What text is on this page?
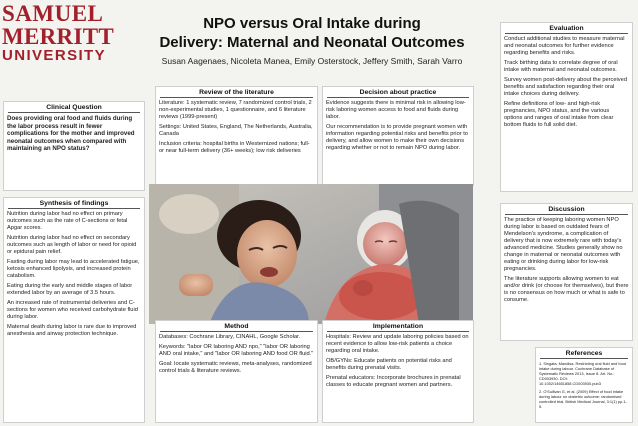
SAMUEL
MERRITT
UNIVERSITY
NPO versus Oral Intake during
Delivery: Maternal and Neonatal Outcomes
Susan Aagenaes, Nicoleta Manea, Emily Osterstock, Jeffery Smith, Sarah Varro
Clinical Question

Does providing oral food and fluids during the labor process result in fewer complications for the mother and improved neonatal outcomes when compared with maintaining an NPO status?

Synthesis of findings

Nutrition during labor had no effect on primary outcomes such as the rate of C-sections or fetal Apgar scores.

Nutrition during labor had no effect on secondary outcomes such as length of labor or need for opioid or epidural pain relief.

Fasting during labor may lead to accelerated fatigue, ketosis enhanced lipolysis, and increased protein catabolism.

Eating during the early and middle stages of labor extended labor by an average of 3.5 hours.

An increased rate of instrumental deliveries and C-sections for women who received carbohydrate fluid during labor.

Maternal death during labor is rare due to improved anesthesia and airway protection technique.

Review of the literature

Literature: 1 systematic review, 7 randomized control trials, 2 non-experimental studies, 1 questionnaire, and 6 literature reviews (1999-present)

Settings: United States, England, The Netherlands, Australia, Canada

Inclusion criteria: hospital births in Westernized nations; full- or near full-term delivery (36+ weeks); low risk deliveries

Decision about practice

Evidence suggests there is minimal risk in allowing low-risk laboring women access to food and fluids during labor.

Our recommendation is to provide pregnant women with information regarding potential risks and benefits prior to delivery, and allow women to make their own decisions regarding whether or not to remain NPO during labor.

Method

Databases: Cochrane Library, CINAHL, Google Scholar.

Keywords: "labor OR laboring AND npo," "labor OR laboring AND oral intake," and "labor OR laboring AND food OR fluid."

Goal: locate systematic reviews, meta-analyses, randomized control trials & literature reviews.

Implementation

Hospitals: Review and update laboring policies based on recent evidence to allow low-risk patients a choice regarding oral intake.

OB/GYNs: Educate patients on potential risks and benefits during prenatal visits.

Prenatal educators: Incorporate brochures in prenatal classes to educate pregnant women and partners.

Evaluation

Conduct additional studies to measure maternal and neonatal outcomes for further evidence regarding benefits and risks.

Track birthing data to correlate degree of oral intake with maternal and neonatal outcomes.

Survey women post-delivery about the perceived benefits and satisfaction regarding their oral intake choices during delivery.

Refine definitions of low- and high-risk pregnancies, NPO status, and the various options and ranges of oral intake from clear bottom fluids to full solid diet.

Discussion

The practice of keeping laboring women NPO during labor is based on outdated fears of Mendelson's syndrome, a complication of delivery that is now extremely rare with today's advanced medicine. Studies generally show no change in maternal or neonatal outcomes with eating or drinking during labor for low-risk pregnancies.

The literature supports allowing women to eat and/or drink (or choose for themselves), but there is no consensus on how much or what is safe to consume.

References

1. Singata, Mandisa. Restricting oral fluid and food intake during labour. Cochrane Database of Systematic Reviews 2013, Issue 8. Art. No.: CD003930. DOI: 10.1002/14651858.CD003930.pub3

2. O'Sullivan G, et al. (2009) Effect of food intake during labour on obstetric outcome: randomised controlled trial. British Medical Journal, 3:1(1) pp.1-5.
